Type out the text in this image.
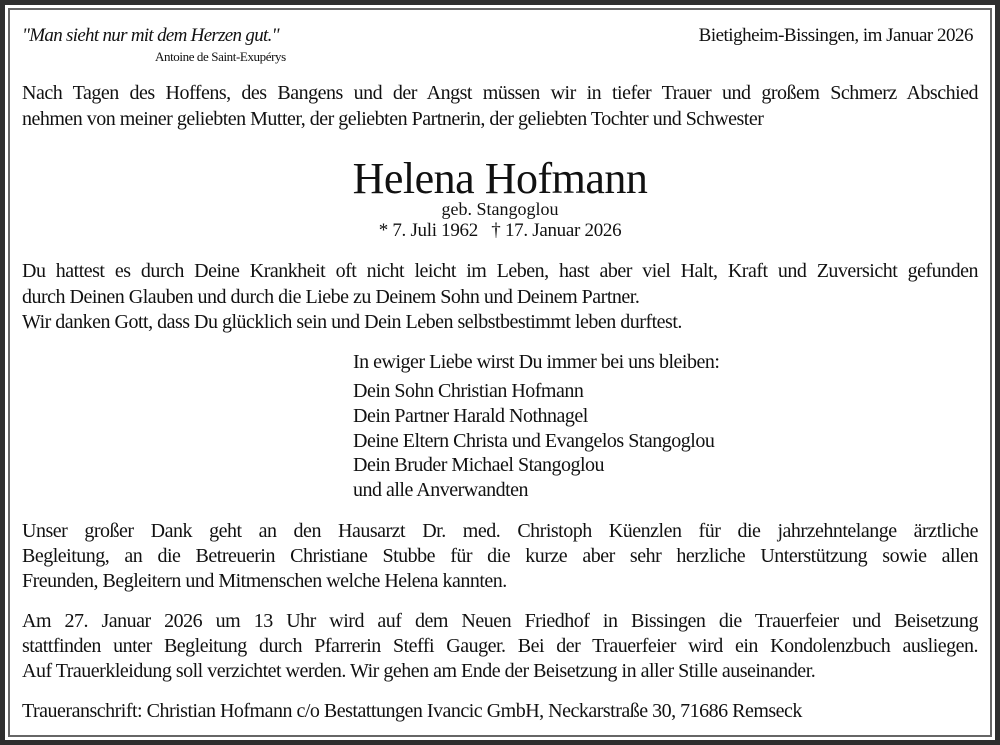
"Man sieht nur mit dem Herzen gut."
Antoine de Saint-Exupérys
Bietigheim-Bissingen, im Januar 2026
Nach Tagen des Hoffens, des Bangens und der Angst müssen wir in tiefer Trauer und großem Schmerz Abschied
nehmen von meiner geliebten Mutter, der geliebten Partnerin, der geliebten Tochter und Schwester
Helena Hofmann
geb. Stangoglou
* 7. Juli 1962   † 17. Januar 2026
Du hattest es durch Deine Krankheit oft nicht leicht im Leben, hast aber viel Halt, Kraft und Zuversicht gefunden
durch Deinen Glauben und durch die Liebe zu Deinem Sohn und Deinem Partner.
Wir danken Gott, dass Du glücklich sein und Dein Leben selbstbestimmt leben durftest.
In ewiger Liebe wirst Du immer bei uns bleiben:
Dein Sohn Christian Hofmann
Dein Partner Harald Nothnagel
Deine Eltern Christa und Evangelos Stangoglou
Dein Bruder Michael Stangoglou
und alle Anverwandten
Unser großer Dank geht an den Hausarzt Dr. med. Christoph Küenzlen für die jahrzehntelange ärztliche
Begleitung, an die Betreuerin Christiane Stubbe für die kurze aber sehr herzliche Unterstützung sowie allen
Freunden, Begleitern und Mitmenschen welche Helena kannten.
Am 27. Januar 2026 um 13 Uhr wird auf dem Neuen Friedhof in Bissingen die Trauerfeier und Beisetzung
stattfinden unter Begleitung durch Pfarrerin Steffi Gauger. Bei der Trauerfeier wird ein Kondolenzbuch ausliegen.
Auf Trauerkleidung soll verzichtet werden. Wir gehen am Ende der Beisetzung in aller Stille auseinander.
Traueranschrift: Christian Hofmann c/o Bestattungen Ivancic GmbH, Neckarstraße 30, 71686 Remseck
